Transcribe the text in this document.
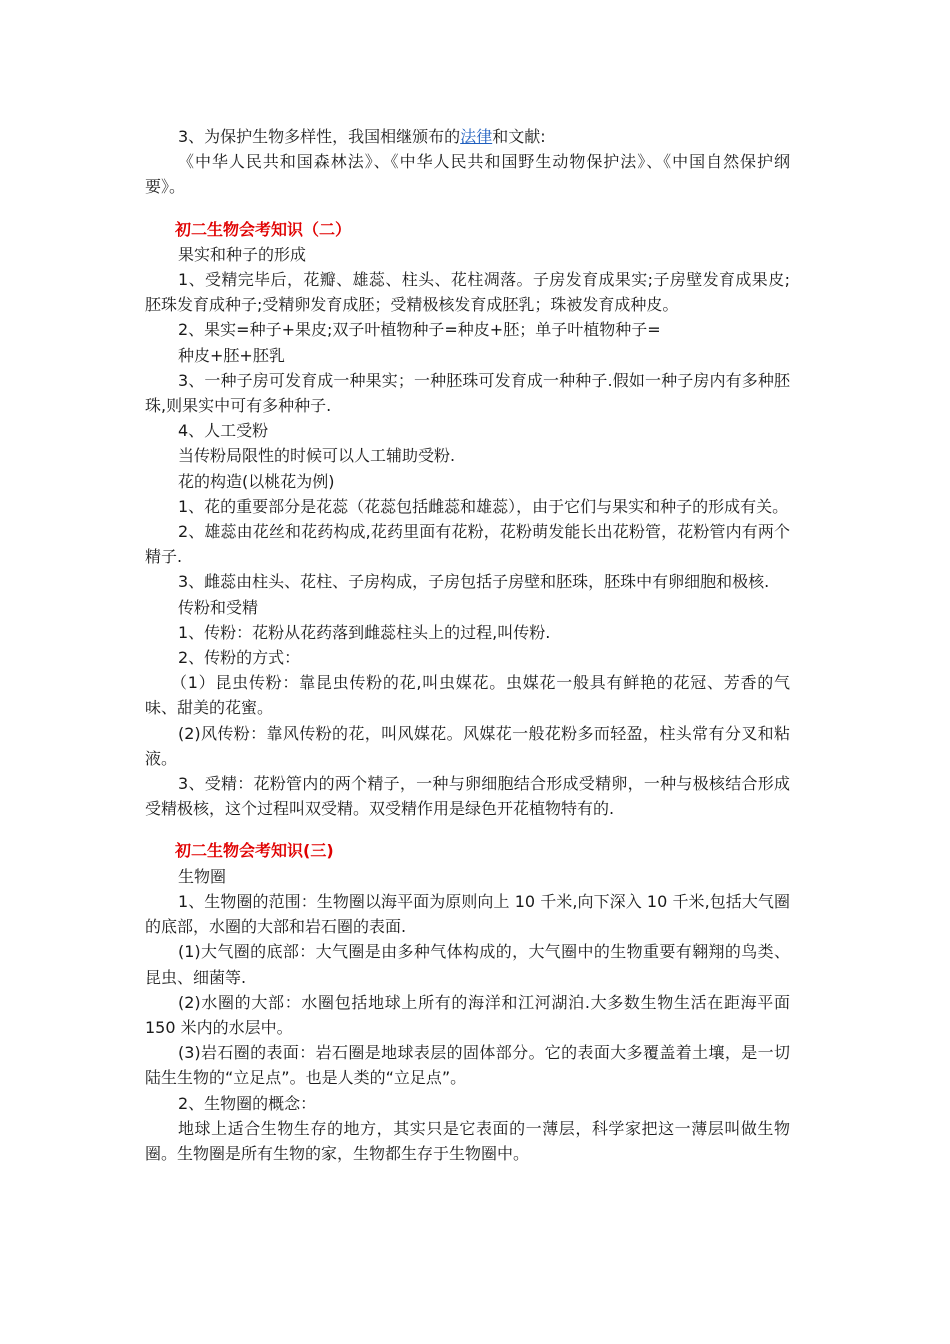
3、为保护生物多样性，我国相继颁布的法律和文献:

《中华人民共和国森林法》、《中华人民共和国野生动物保护法》、《中国自然保护纲要》。

初二生物会考知识（二）

果实和种子的形成

1、受精完毕后，花瓣、雄蕊、柱头、花柱凋落。子房发育成果实;子房壁发育成果皮;胚珠发育成种子;受精卵发育成胚；受精极核发育成胚乳；珠被发育成种皮。

2、果实=种子+果皮;双子叶植物种子=种皮+胚；单子叶植物种子=

种皮+胚+胚乳

3、一种子房可发育成一种果实；一种胚珠可发育成一种种子.假如一种子房内有多种胚珠,则果实中可有多种种子.

4、人工受粉

当传粉局限性的时候可以人工辅助受粉.

花的构造(以桃花为例)

1、花的重要部分是花蕊（花蕊包括雌蕊和雄蕊），由于它们与果实和种子的形成有关。

2、雄蕊由花丝和花药构成,花药里面有花粉，花粉萌发能长出花粉管，花粉管内有两个精子.

3、雌蕊由柱头、花柱、子房构成，子房包括子房壁和胚珠，胚珠中有卵细胞和极核.

传粉和受精

1、传粉：花粉从花药落到雌蕊柱头上的过程,叫传粉.

2、传粉的方式：

（1）昆虫传粉：靠昆虫传粉的花,叫虫媒花。虫媒花一般具有鲜艳的花冠、芳香的气味、甜美的花蜜。

(2)风传粉：靠风传粉的花，叫风媒花。风媒花一般花粉多而轻盈，柱头常有分叉和粘液。

3、受精：花粉管内的两个精子，一种与卵细胞结合形成受精卵，一种与极核结合形成受精极核，这个过程叫双受精。双受精作用是绿色开花植物特有的.

初二生物会考知识(三)

生物圈

1、生物圈的范围：生物圈以海平面为原则向上 10 千米,向下深入 10 千米,包括大气圈的底部，水圈的大部和岩石圈的表面.

(1)大气圈的底部：大气圈是由多种气体构成的，大气圈中的生物重要有翱翔的鸟类、昆虫、细菌等.

(2)水圈的大部：水圈包括地球上所有的海洋和江河湖泊.大多数生物生活在距海平面 150 米内的水层中。

(3)岩石圈的表面：岩石圈是地球表层的固体部分。它的表面大多覆盖着土壤，是一切陆生生物的“立足点”。也是人类的“立足点”。

2、生物圈的概念：

地球上适合生物生存的地方，其实只是它表面的一薄层，科学家把这一薄层叫做生物圈。生物圈是所有生物的家，生物都生存于生物圈中。
